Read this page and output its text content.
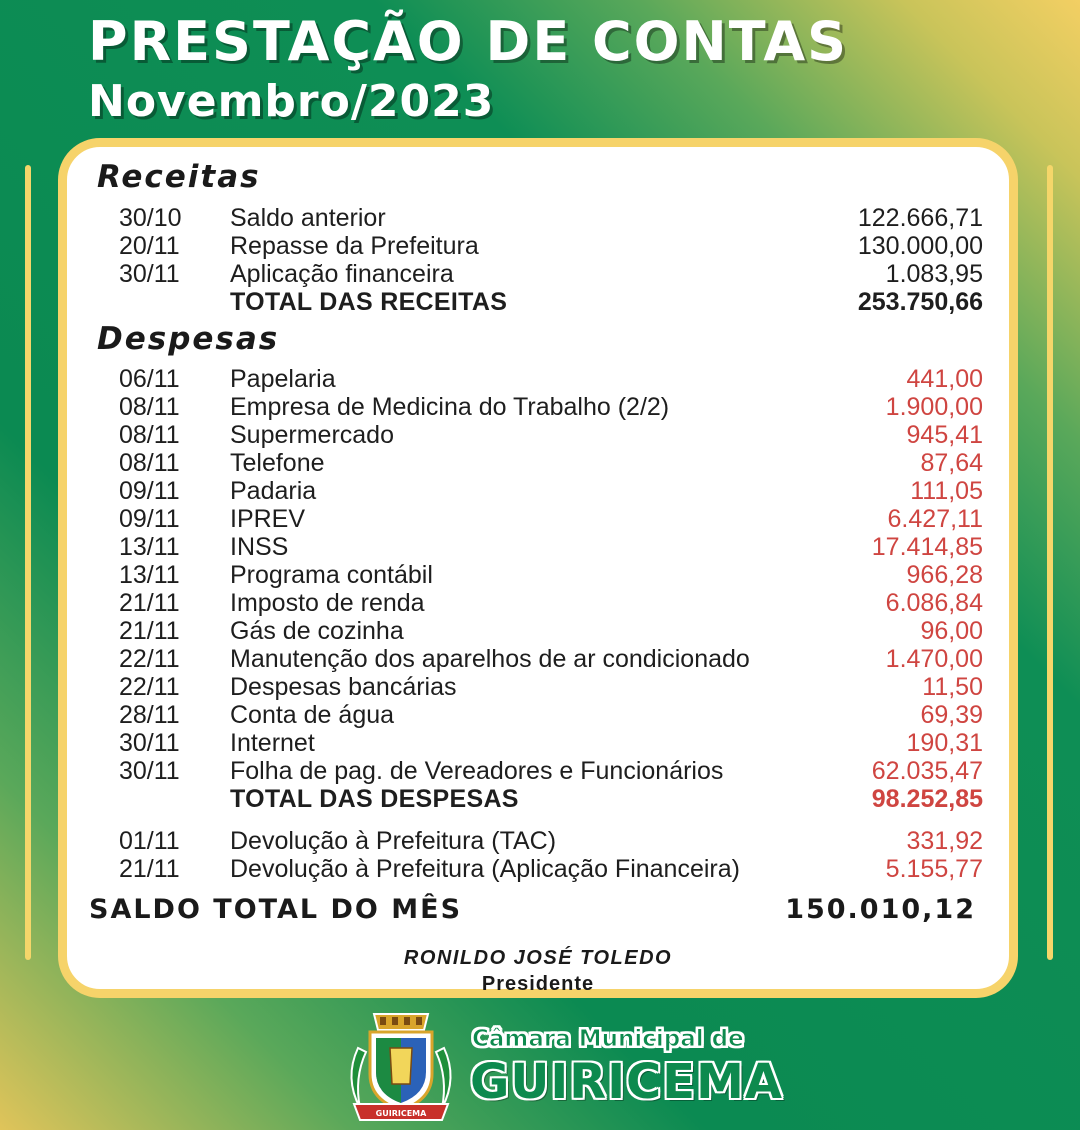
PRESTAÇÃO DE CONTAS
Novembro/2023
Receitas
30/10 Saldo anterior	122.666,71
20/11 Repasse da Prefeitura	130.000,00
30/11 Aplicação financeira	1.083,95
TOTAL DAS RECEITAS	253.750,66
Despesas
06/11 Papelaria	441,00
08/11 Empresa de Medicina do Trabalho (2/2)	1.900,00
08/11 Supermercado	945,41
08/11 Telefone	87,64
09/11 Padaria	111,05
09/11 IPREV	6.427,11
13/11 INSS	17.414,85
13/11 Programa contábil	966,28
21/11 Imposto de renda	6.086,84
21/11 Gás de cozinha	96,00
22/11 Manutenção dos aparelhos de ar condicionado	1.470,00
22/11 Despesas bancárias	11,50
28/11 Conta de água	69,39
30/11 Internet	190,31
30/11 Folha de pag. de Vereadores e Funcionários	62.035,47
TOTAL DAS DESPESAS	98.252,85
01/11 Devolução à Prefeitura (TAC)	331,92
21/11 Devolução à Prefeitura (Aplicação Financeira)	5.155,77
SALDO TOTAL DO MÊS	150.010,12
RONILDO JOSÉ TOLEDO
Presidente
GUIRICEMA
Câmara Municipal de
GUIRICEMA
